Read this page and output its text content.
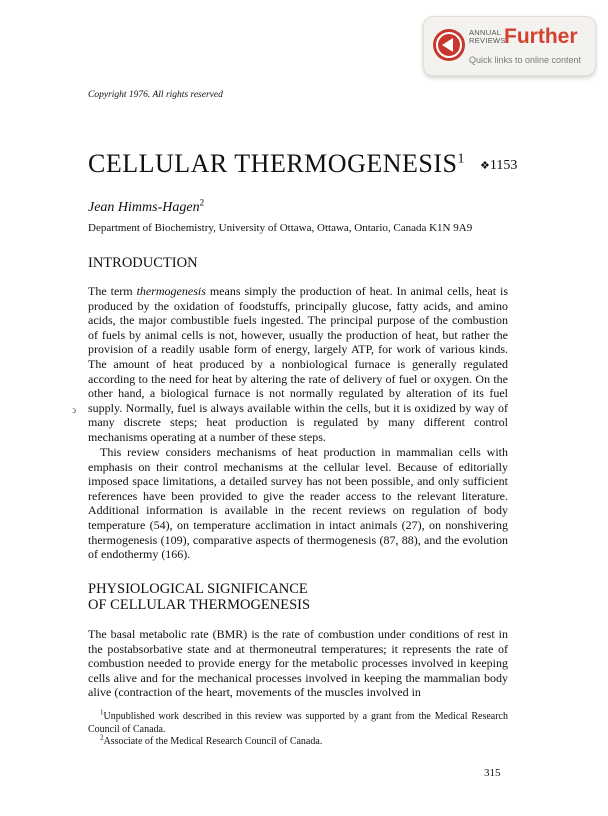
ANNUAL
REVIEWS
Further
Quick links to online content
Copyright 1976. All rights reserved
CELLULAR THERMOGENESIS$^1$ ❖1153
Jean Himms-Hagen$^2$
Department of Biochemistry, University of Ottawa, Ottawa, Ontario, Canada K1N 9A9
INTRODUCTION

The term thermogenesis means simply the production of heat. In animal cells, heat is produced by the oxidation of foodstuffs, principally glucose, fatty acids, and amino acids, the major combustible fuels ingested. The principal purpose of the combustion of fuels by animal cells is not, however, usually the production of heat, but rather the provision of a readily usable form of energy, largely ATP, for work of various kinds. The amount of heat produced by a nonbiological furnace is generally regulated according to the need for heat by altering the rate of delivery of fuel or oxygen. On the other hand, a biological furnace is not normally regulated by alteration of its fuel supply. Normally, fuel is always available within the cells, but it is oxidized by way of many discrete steps; heat production is regulated by many different control mechanisms operating at a number of these steps.

ↄ

This review considers mechanisms of heat production in mammalian cells with emphasis on their control mechanisms at the cellular level. Because of editorially imposed space limitations, a detailed survey has not been possible, and only sufficient references have been provided to give the reader access to the relevant literature. Additional information is available in the recent reviews on regulation of body temperature (54), on temperature acclimation in intact animals (27), on nonshivering thermogenesis (109), comparative aspects of thermogenesis (87, 88), and the evolution of endothermy (166).

PHYSIOLOGICAL SIGNIFICANCE
OF CELLULAR THERMOGENESIS

The basal metabolic rate (BMR) is the rate of combustion under conditions of rest in the postabsorbative state and at thermoneutral temperatures; it represents the rate of combustion needed to provide energy for the metabolic processes involved in keeping cells alive and for the mechanical processes involved in keeping the mammalian body alive (contraction of the heart, movements of the muscles involved in

$^1$Unpublished work described in this review was supported by a grant from the Medical Research Council of Canada.
$^2$Associate of the Medical Research Council of Canada.
315
